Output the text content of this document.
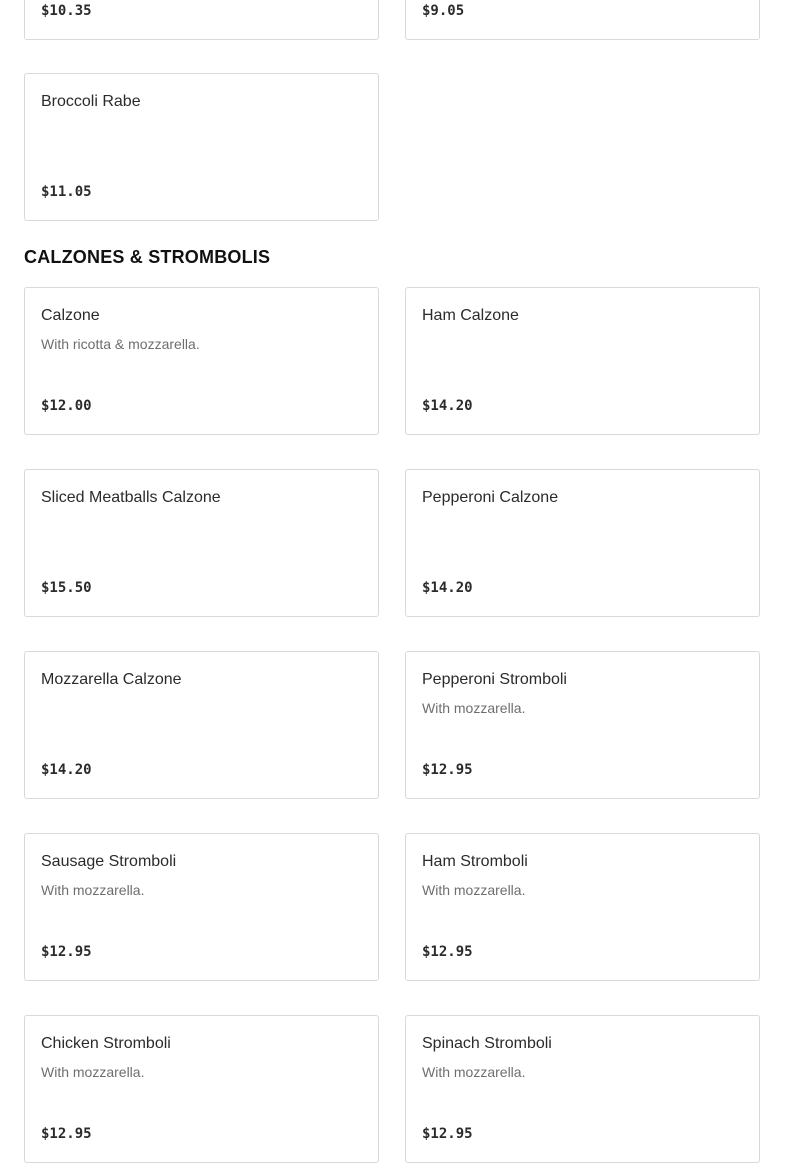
$10.35	$9.05
Broccoli Rabe
$11.05
CALZONES & STROMBOLIS
Calzone
With ricotta & mozzarella.
$12.00
Ham Calzone
$14.20
Sliced Meatballs Calzone
$15.50
Pepperoni Calzone
$14.20
Mozzarella Calzone
$14.20
Pepperoni Stromboli
With mozzarella.
$12.95
Sausage Stromboli
With mozzarella.
$12.95
Ham Stromboli
With mozzarella.
$12.95
Chicken Stromboli
With mozzarella.
$12.95
Spinach Stromboli
With mozzarella.
$12.95
